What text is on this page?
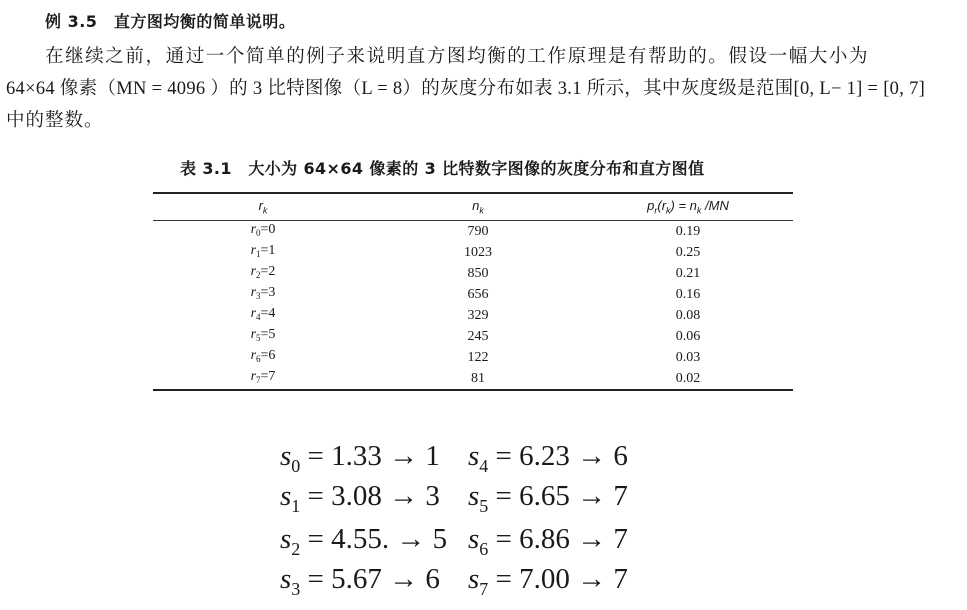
例 3.5　直方图均衡的简单说明。
在继续之前，通过一个简单的例子来说明直方图均衡的工作原理是有帮助的。假设一幅大小为
64×64 像素（MN = 4096 ）的 3 比特图像（L = 8）的灰度分布如表 3.1 所示，其中灰度级是范围[0, L− 1] = [0, 7]
中的整数。
表 3.1　大小为 64×64 像素的 3 比特数字图像的灰度分布和直方图值
$r_k$	$n_k$	$p_r(r_k) = n_k$ /MN
$r_0=0$	790	0.19
$r_1=1$	1023	0.25
$r_2=2$	850	0.21
$r_3=3$	656	0.16
$r_4=4$	329	0.08
$r_5=5$	245	0.06
$r_6=6$	122	0.03
$r_7=7$	81	0.02
$s_0 = 1.33 \to 1$
$s_1 = 3.08 \to 3$
$s_2 = 4.55$. → 5
$s_3 = 5.67 \to 6$
$s_4 = 6.23 \to 6$
$s_5 = 6.65 \to 7$
$s_6 = 6.86 \to 7$
$s_7 = 7.00 \to 7$
